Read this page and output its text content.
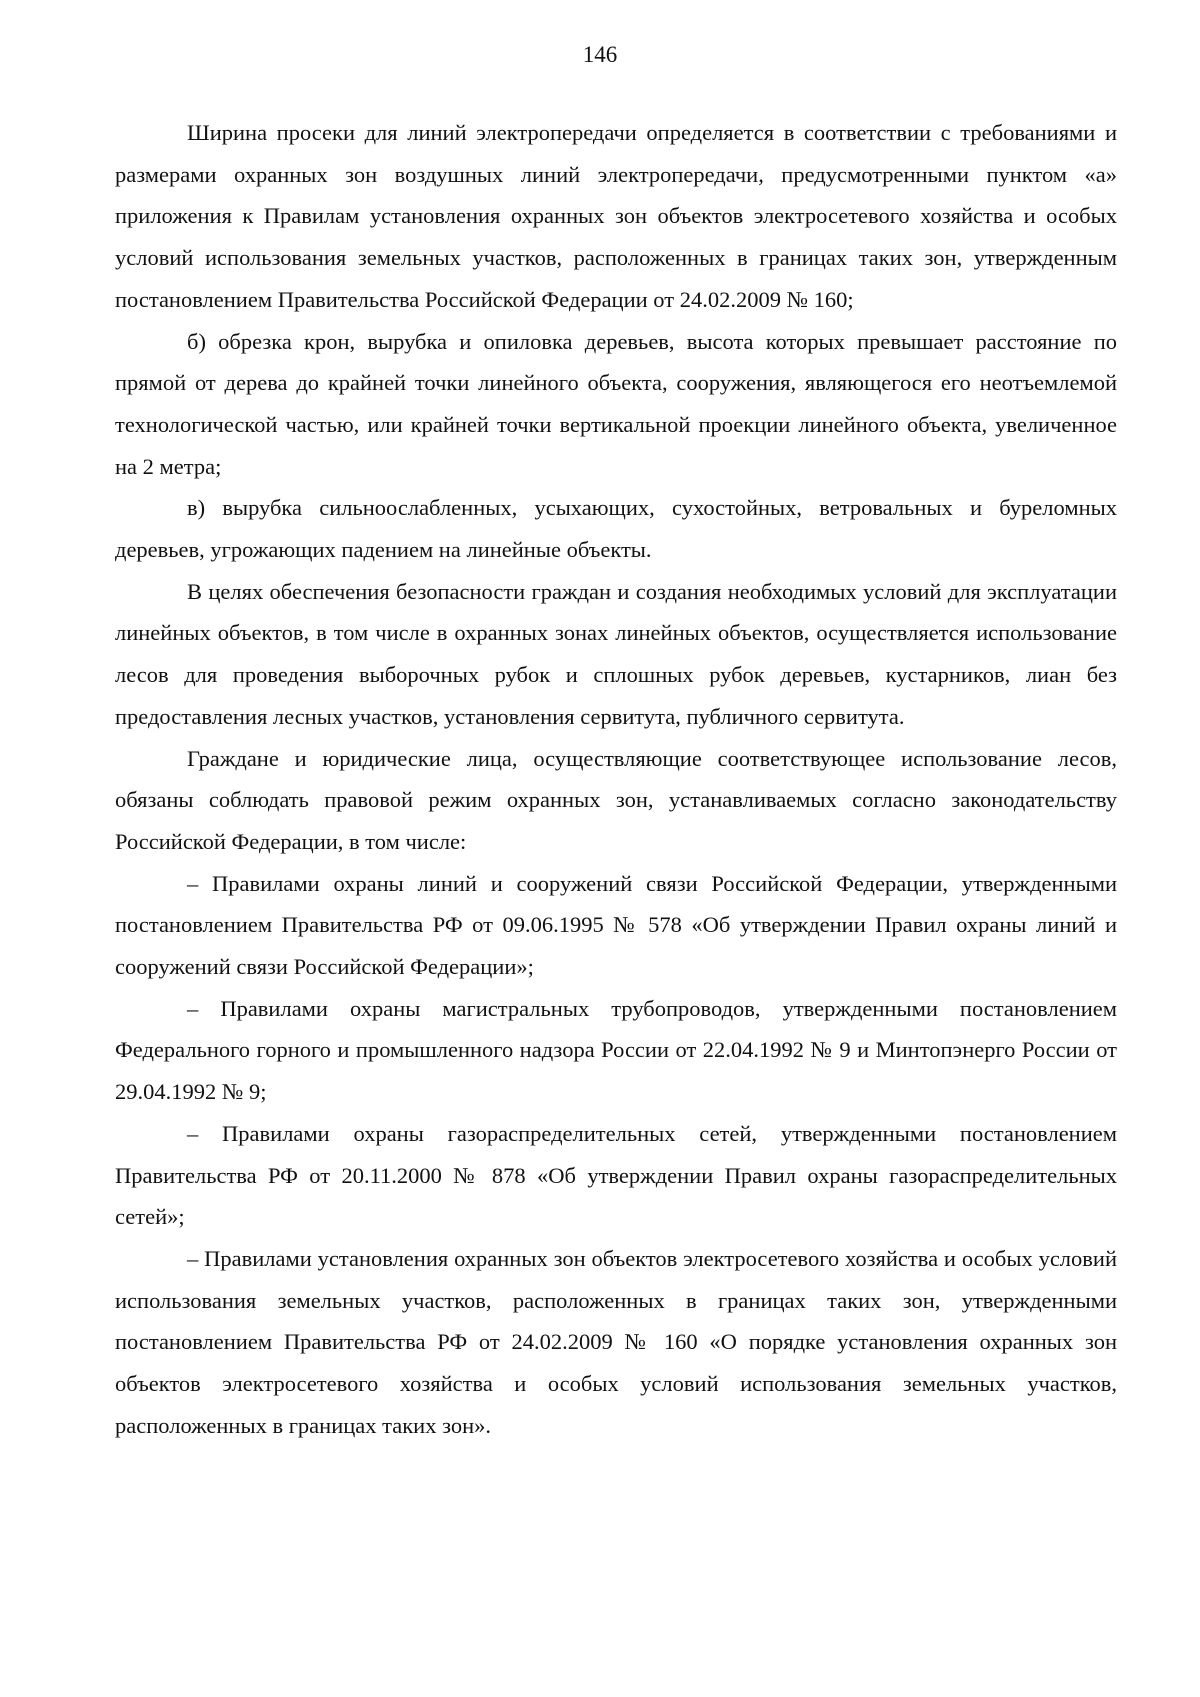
146

Ширина просеки для линий электропередачи определяется в соответствии с требованиями и размерами охранных зон воздушных линий электропередачи, предусмотренными пунктом «а» приложения к Правилам установления охранных зон объектов электросетевого хозяйства и особых условий использования земельных участков, расположенных в границах таких зон, утвержденным постановлением Правительства Российской Федерации от 24.02.2009 № 160;

б) обрезка крон, вырубка и опиловка деревьев, высота которых превышает расстояние по прямой от дерева до крайней точки линейного объекта, сооружения, являющегося его неотъемлемой технологической частью, или крайней точки вертикальной проекции линейного объекта, увеличенное на 2 метра;

в) вырубка сильноослабленных, усыхающих, сухостойных, ветровальных и буреломных деревьев, угрожающих падением на линейные объекты.

В целях обеспечения безопасности граждан и создания необходимых условий для эксплуатации линейных объектов, в том числе в охранных зонах линейных объектов, осуществляется использование лесов для проведения выборочных рубок и сплошных рубок деревьев, кустарников, лиан без предоставления лесных участков, установления сервитута, публичного сервитута.

Граждане и юридические лица, осуществляющие соответствующее использование лесов, обязаны соблюдать правовой режим охранных зон, устанавливаемых согласно законодательству Российской Федерации, в том числе:

– Правилами охраны линий и сооружений связи Российской Федерации, утвержденными постановлением Правительства РФ от 09.06.1995 № 578 «Об утверждении Правил охраны линий и сооружений связи Российской Федерации»;

– Правилами охраны магистральных трубопроводов, утвержденными постановлением Федерального горного и промышленного надзора России от 22.04.1992 № 9 и Минтопэнерго России от 29.04.1992 № 9;

– Правилами охраны газораспределительных сетей, утвержденными постановлением Правительства РФ от 20.11.2000 № 878 «Об утверждении Правил охраны газораспределительных сетей»;

– Правилами установления охранных зон объектов электросетевого хозяйства и особых условий использования земельных участков, расположенных в границах таких зон, утвержденными постановлением Правительства РФ от 24.02.2009 № 160 «О порядке установления охранных зон объектов электросетевого хозяйства и особых условий использования земельных участков, расположенных в границах таких зон».
